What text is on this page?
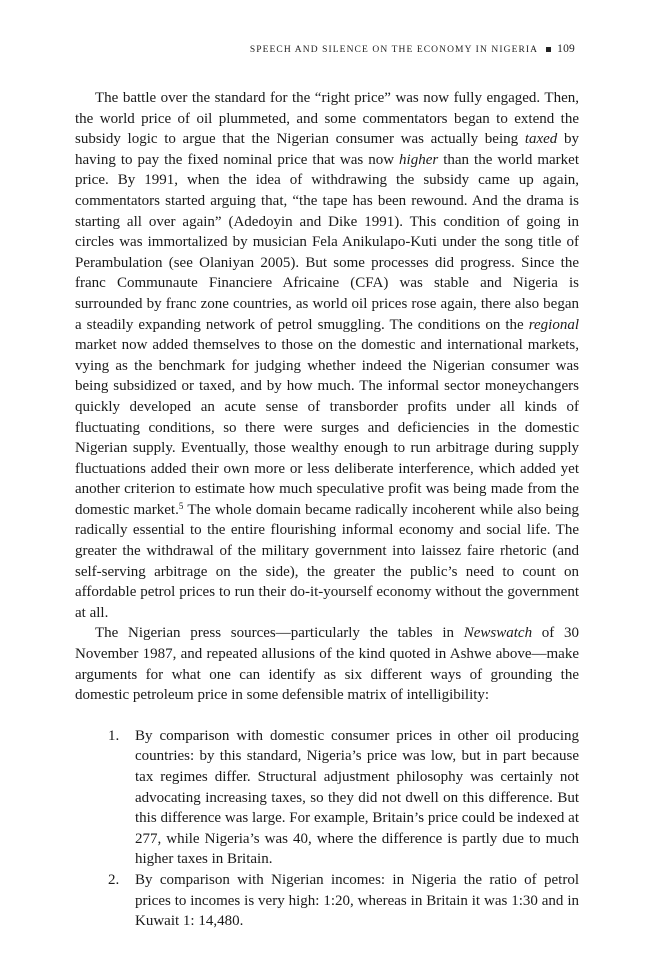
SPEECH AND SILENCE ON THE ECONOMY IN NIGERIA 109

The battle over the standard for the “right price” was now fully engaged. Then, the world price of oil plummeted, and some commentators began to extend the subsidy logic to argue that the Nigerian consumer was actually being taxed by having to pay the fixed nominal price that was now higher than the world market price. By 1991, when the idea of withdrawing the subsidy came up again, commentators started arguing that, “the tape has been rewound. And the drama is starting all over again” (Adedoyin and Dike 1991). This condition of going in circles was immortalized by musician Fela Anikulapo-Kuti under the song title of Perambulation (see Olaniyan 2005). But some processes did progress. Since the franc Communaute Financiere Africaine (CFA) was stable and Nigeria is surrounded by franc zone countries, as world oil prices rose again, there also began a steadily expanding network of petrol smuggling. The conditions on the regional market now added themselves to those on the domestic and international markets, vying as the benchmark for judging whether indeed the Nigerian consumer was being subsidized or taxed, and by how much. The informal sector moneychangers quickly developed an acute sense of transborder profits under all kinds of fluctuating conditions, so there were surges and deficiencies in the domestic Nigerian supply. Eventually, those wealthy enough to run arbitrage during supply fluctuations added their own more or less deliberate interference, which added yet another criterion to estimate how much speculative profit was being made from the domestic market.$^5$ The whole domain became radically incoherent while also being radically essential to the entire flourishing informal economy and social life. The greater the withdrawal of the military government into laissez faire rhetoric (and self-serving arbitrage on the side), the greater the public’s need to count on affordable petrol prices to run their do-it-yourself economy without the government at all.

The Nigerian press sources—particularly the tables in Newswatch of 30 November 1987, and repeated allusions of the kind quoted in Ashwe above—make arguments for what one can identify as six different ways of grounding the domestic petroleum price in some defensible matrix of intelligibility:

1. By comparison with domestic consumer prices in other oil producing countries: by this standard, Nigeria’s price was low, but in part because tax regimes differ. Structural adjustment philosophy was certainly not advocating increasing taxes, so they did not dwell on this difference. But this difference was large. For example, Britain’s price could be indexed at 277, while Nigeria’s was 40, where the difference is partly due to much higher taxes in Britain.
2. By comparison with Nigerian incomes: in Nigeria the ratio of petrol prices to incomes is very high: 1:20, whereas in Britain it was 1:30 and in Kuwait 1: 14,480.
